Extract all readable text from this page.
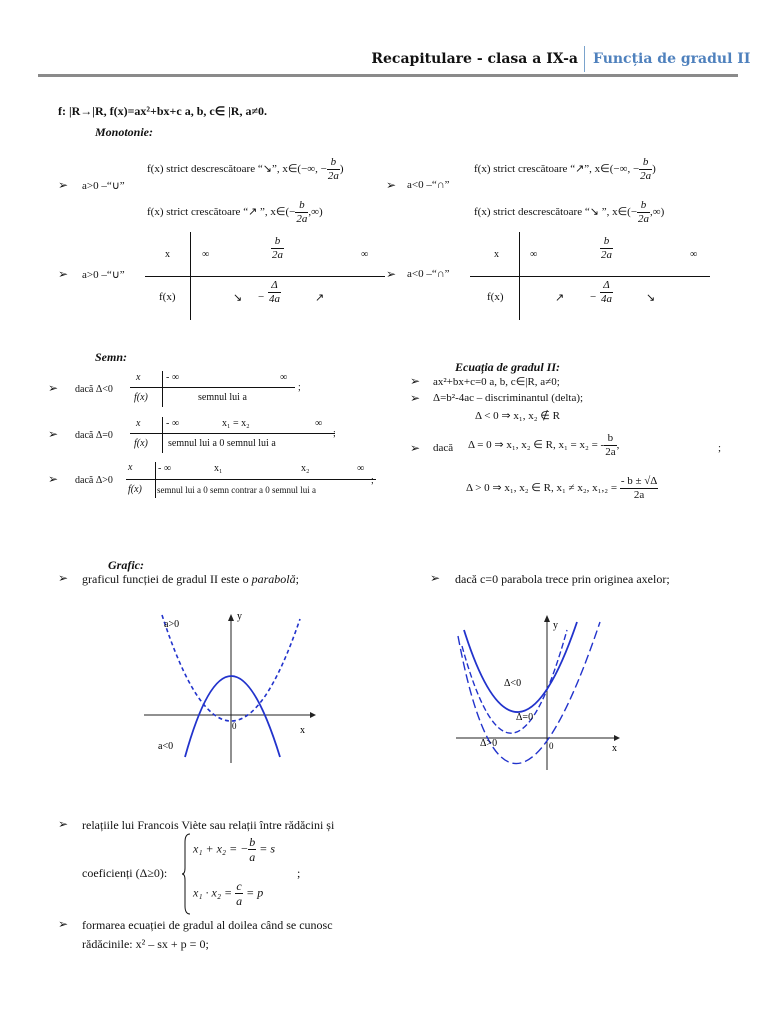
Recapitulare - clasa a IX-a Funcția de gradul II
f: |R→|R, f(x)=ax²+bx+c a, b, c∈ |R, a≠0.
Monotonie:
➢ a>0 –“∪”
f(x) strict descrescătoare “↘”, x∈(−∞, − $\frac{b}{2a}$ )
f(x) strict crescătoare “↗ ”, x∈(− $\frac{b}{2a}$ ,∞)
➢ a<0 –“∩”
f(x) strict crescătoare “↗”, x∈(−∞, − $\frac{b}{2a}$ )
f(x) strict descrescătoare “↘ ”, x∈(− $\frac{b}{2a}$ ,∞)
➢ a>0 –“∪”
x	∞	$\frac{b}{2a}$	∞
f(x)	↘ − $\frac{\Delta}{4a}$	↗
➢ a<0 –“∩”
x	∞	$\frac{b}{2a}$	∞
f(x)	↗ − $\frac{\Delta}{4a}$	↘
Semn:
➢ dacă Δ<0
x	- ∞	∞
f(x)	semnul lui a
;
➢ dacă Δ=0
x	- ∞	x₁ = x₂	∞
f(x) semnul lui a 0 semnul lui a
;
➢ dacă Δ>0
x	- ∞	x₁	x₂	∞
f(x) semnul lui a 0 semn contrar a 0 semnul lui a
;
Ecuația de gradul II:
➢ ax²+bx+c=0 a, b, c∈|R, a≠0;
➢ Δ=b²-4ac – discriminantul (delta);
Δ < 0 ⇒ x₁, x₂ ∉ R
➢ dacă Δ = 0 ⇒ x₁, x₂ ∈ R, x₁ = x₂ = - $\frac{b}{2a}$ ,	;
Δ > 0 ⇒ x₁, x₂ ∈ R, x₁ ≠ x₂, $x_1,_2 = \frac{- b \pm √\Delta}{2a}$
Grafic:
➢ graficul funcției de gradul II este o parabolă;	➢ dacă c=0 parabola trece prin originea axelor;
a>0
a<0
y
x
0
Δ<0
Δ=0
Δ>0
y
x
0
➢ relațiile lui Francois Viète sau relații între rădăcini și
coeficienți (Δ≥0):
x₁ + x₂ = − $\frac{b}{a} = s$
;
$x_1 \cdot x_2 = \frac{c}{a} = p$
➢ formarea ecuației de gradul al doilea când se cunosc
rădăcinile: x² – sx + p = 0;
